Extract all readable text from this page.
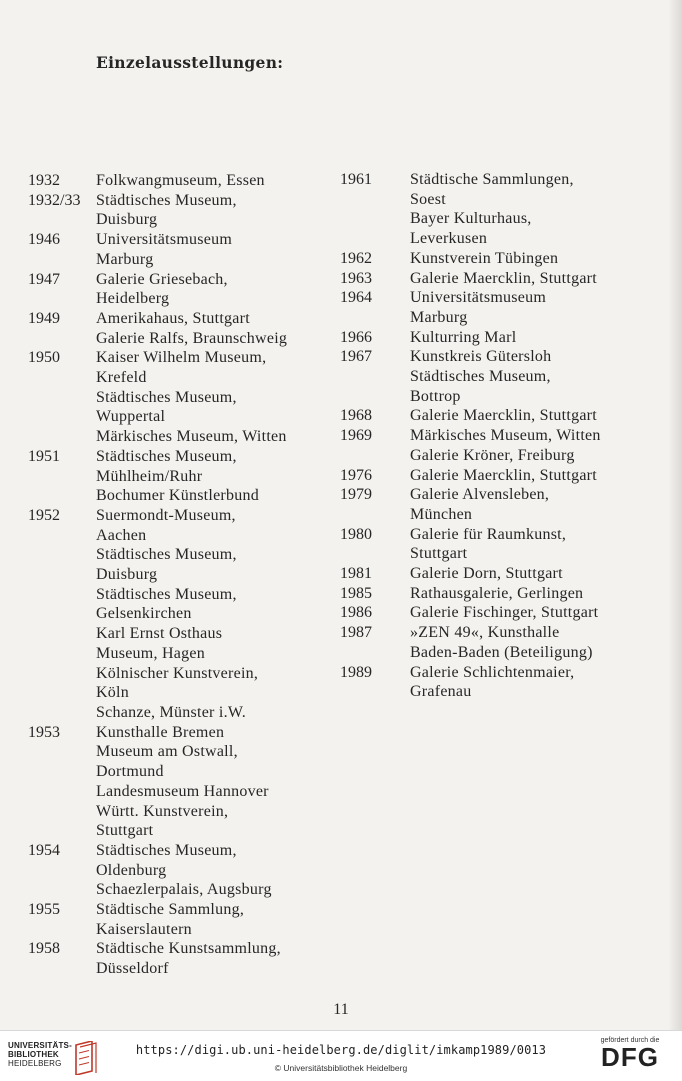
Einzelausstellungen:
1932	Folkwangmuseum, Essen
1932/33 Städtisches Museum,
Duisburg
1946	Universitätsmuseum
Marburg
1947	Galerie Griesebach,
Heidelberg
1949	Amerikahaus, Stuttgart
Galerie Ralfs, Braunschweig
1950	Kaiser Wilhelm Museum,
Krefeld
Städtisches Museum,
Wuppertal
Märkisches Museum, Witten
1951	Städtisches Museum,
Mühlheim/Ruhr
Bochumer Künstlerbund
1952	Suermondt-Museum,
Aachen
Städtisches Museum,
Duisburg
Städtisches Museum,
Gelsenkirchen
Karl Ernst Osthaus
Museum, Hagen
Kölnischer Kunstverein,
Köln
Schanze, Münster i.W.
1953	Kunsthalle Bremen
Museum am Ostwall,
Dortmund
Landesmuseum Hannover
Württ. Kunstverein,
Stuttgart
1954	Städtisches Museum,
Oldenburg
Schaezlerpalais, Augsburg
1955	Städtische Sammlung,
Kaiserslautern
1958	Städtische Kunstsammlung,
Düsseldorf
1961	Städtische Sammlungen,
Soest
Bayer Kulturhaus,
Leverkusen
1962	Kunstverein Tübingen
1963	Galerie Maercklin, Stuttgart
1964	Universitätsmuseum
Marburg
1966	Kulturring Marl
1967	Kunstkreis Gütersloh
Städtisches Museum,
Bottrop
1968	Galerie Maercklin, Stuttgart
1969	Märkisches Museum, Witten
Galerie Kröner, Freiburg
1976	Galerie Maercklin, Stuttgart
1979	Galerie Alvensleben,
München
1980	Galerie für Raumkunst,
Stuttgart
1981	Galerie Dorn, Stuttgart
1985	Rathausgalerie, Gerlingen
1986	Galerie Fischinger, Stuttgart
1987	»ZEN 49«, Kunsthalle
Baden-Baden (Beteiligung)
1989	Galerie Schlichtenmaier,
Grafenau
11
UNIVERSITÄTS-
BIBLIOTHEK
HEIDELBERG
https://digi.ub.uni-heidelberg.de/diglit/imkamp1989/0013
© Universitätsbibliothek Heidelberg
gefördert durch die
DFG
